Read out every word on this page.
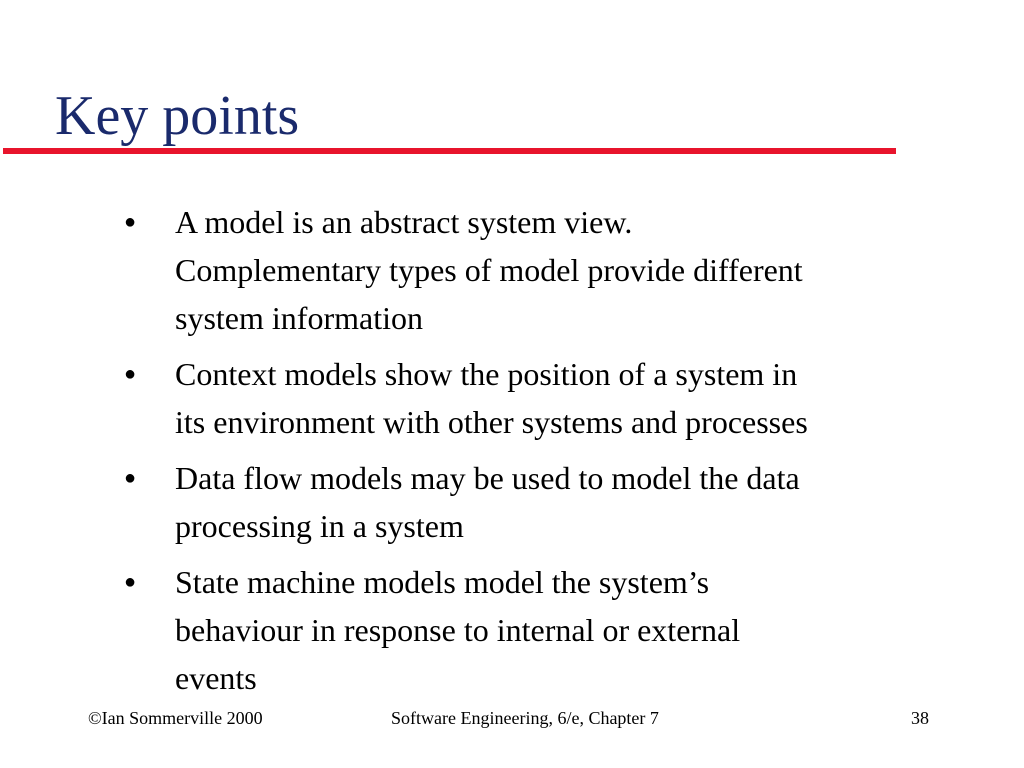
Key points
● A model is an abstract system view.
Complementary types of model provide different
system information
● Context models show the position of a system in
its environment with other systems and processes
● Data flow models may be used to model the data
processing in a system
● State machine models model the system’s
behaviour in response to internal or external
events
©Ian Sommerville 2000	Software Engineering, 6/e, Chapter 7	38
